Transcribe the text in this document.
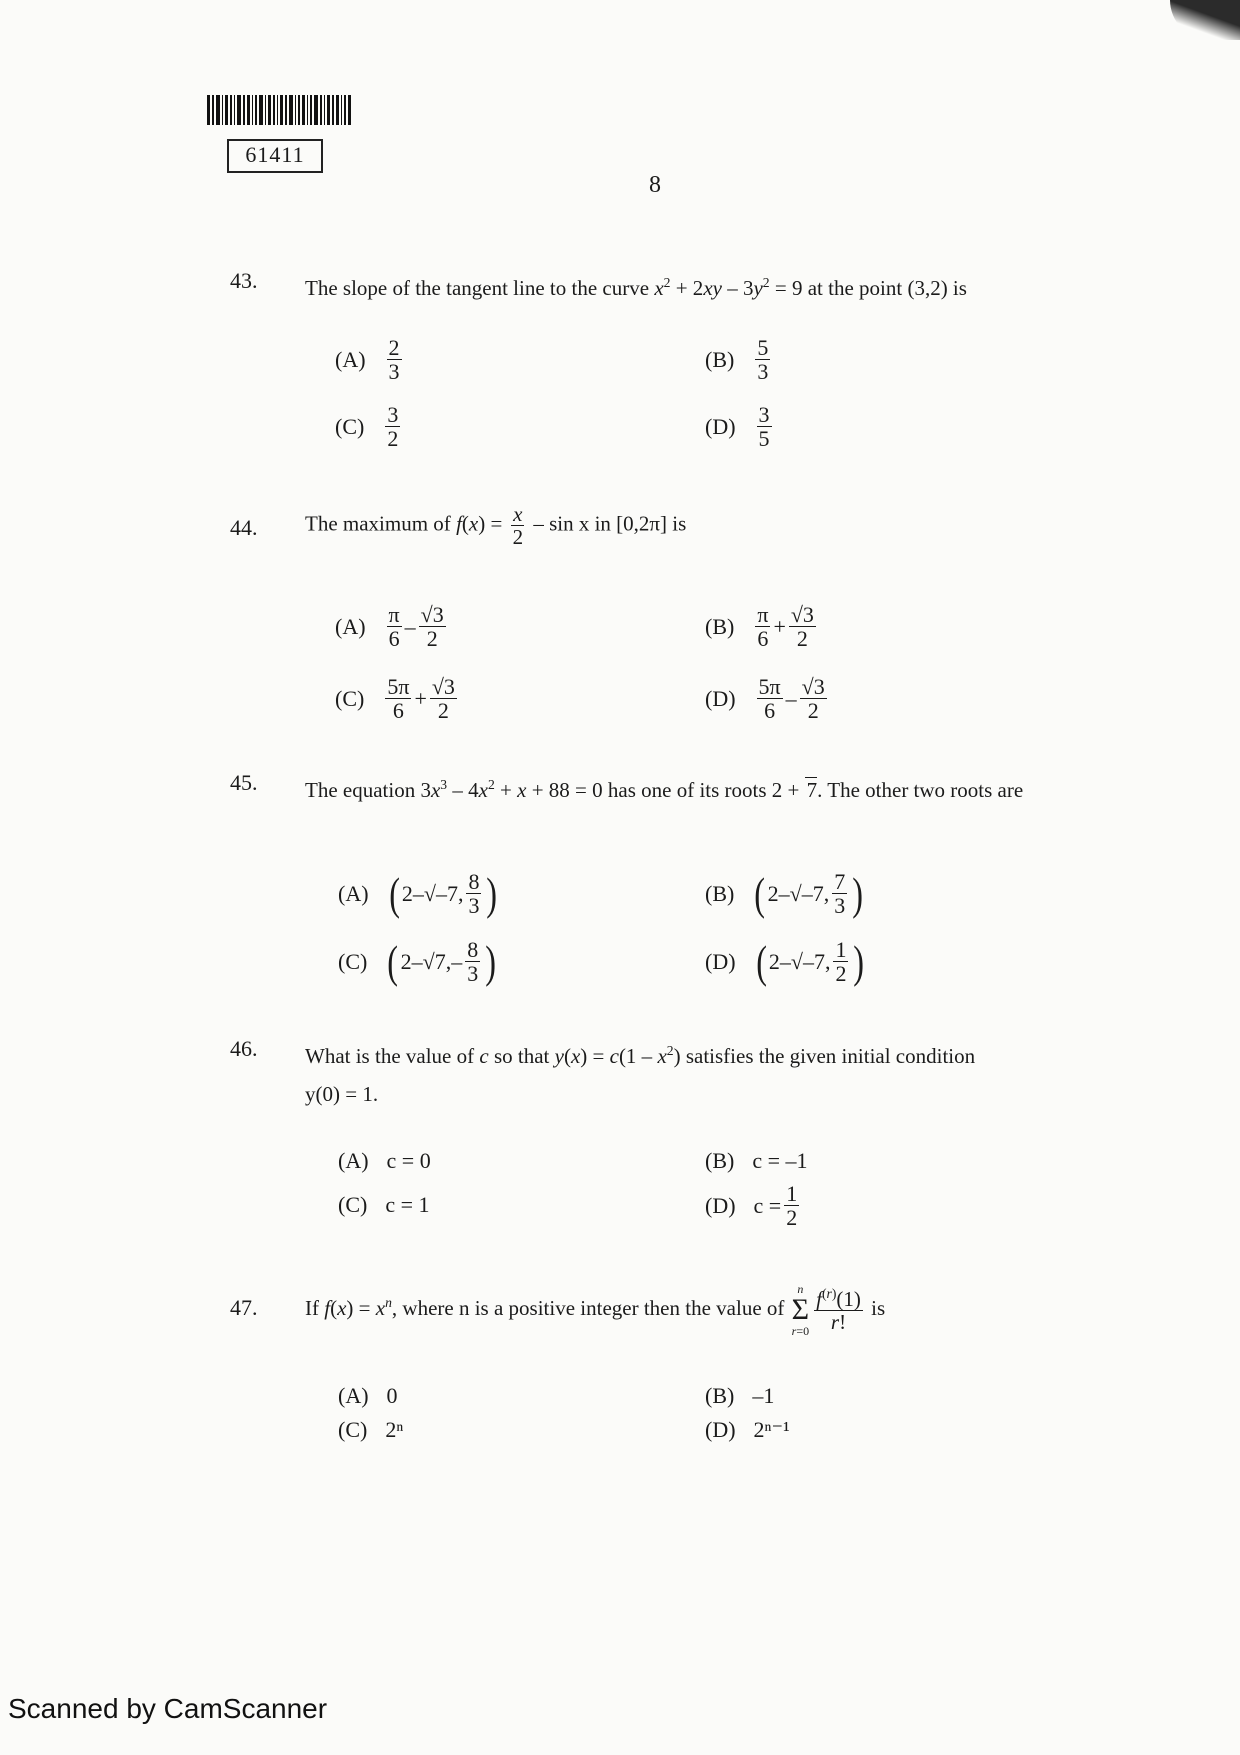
61411
8
43. The slope of the tangent line to the curve $x^2 + 2xy - 3y^2 = 9$ at the point (3,2) is
$(A) \frac{2}{3}$	$(B) \frac{5}{3}$
$(C) \frac{3}{2}$	$(D) \frac{3}{5}$
44. The maximum of $f(x) = \frac{x}{2} - \sin x$ in [0,2π] is
$(A) \frac{\pi}{6} - \frac{√3}{2}$	$(B) \frac{\pi}{6} + \frac{√3}{2}$
$(C) \frac{5\pi}{6} + \frac{√3}{2}$	$(D) \frac{5\pi}{6} - \frac{√3}{2}$
45. The equation $3x^3 - 4x^2 + x + 88 = 0$ has one of its roots 2 + 7. The other two roots are
(A) ( 2–√–7, $\frac{8}{3}$ )	(B) ( 2–√–7, $\frac{7}{3}$ )
(C) ( 2–√7, – $\frac{8}{3}$ )	(D) ( 2–√–7, $\frac{1}{2}$ )
46. What is the value of c so that $y(x) = c(1 - x^2)$ satisfies the given initial condition
y(0) = 1.
(A) c = 0	(B) c = –1
(C) c = 1	(D) $c = \frac{1}{2}$
47. If $f(x) = x^n$, where n is a positive integer then the value of
n
Σ
$r=0 \frac{f^{(r)}(1)}{r!}$ is
(A) 0	(B) –1
(C) 2ⁿ	(D) 2ⁿ⁻¹
Scanned by CamScanner
